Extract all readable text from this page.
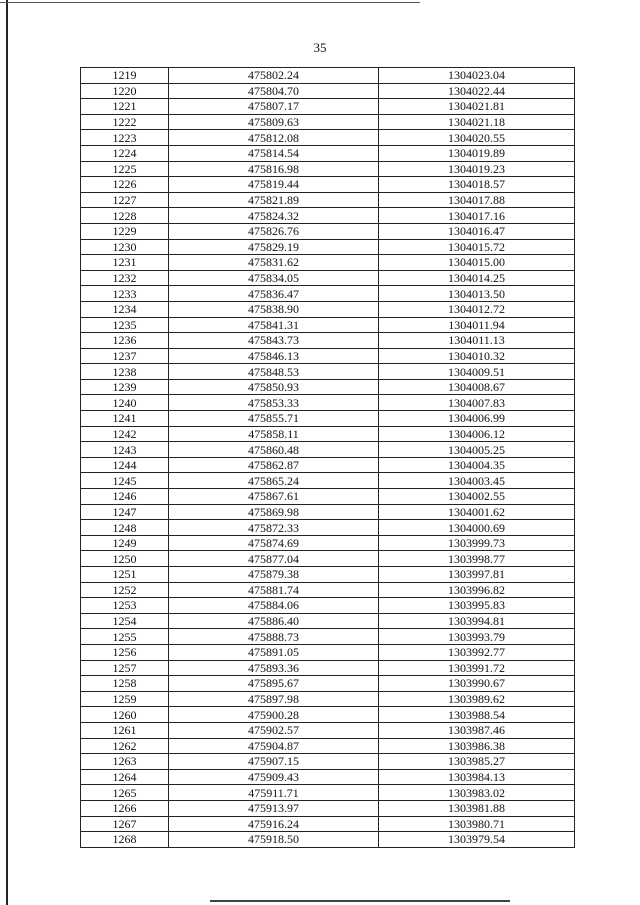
35
1219	475802.24	1304023.04
1220	475804.70	1304022.44
1221	475807.17	1304021.81
1222	475809.63	1304021.18
1223	475812.08	1304020.55
1224	475814.54	1304019.89
1225	475816.98	1304019.23
1226	475819.44	1304018.57
1227	475821.89	1304017.88
1228	475824.32	1304017.16
1229	475826.76	1304016.47
1230	475829.19	1304015.72
1231	475831.62	1304015.00
1232	475834.05	1304014.25
1233	475836.47	1304013.50
1234	475838.90	1304012.72
1235	475841.31	1304011.94
1236	475843.73	1304011.13
1237	475846.13	1304010.32
1238	475848.53	1304009.51
1239	475850.93	1304008.67
1240	475853.33	1304007.83
1241	475855.71	1304006.99
1242	475858.11	1304006.12
1243	475860.48	1304005.25
1244	475862.87	1304004.35
1245	475865.24	1304003.45
1246	475867.61	1304002.55
1247	475869.98	1304001.62
1248	475872.33	1304000.69
1249	475874.69	1303999.73
1250	475877.04	1303998.77
1251	475879.38	1303997.81
1252	475881.74	1303996.82
1253	475884.06	1303995.83
1254	475886.40	1303994.81
1255	475888.73	1303993.79
1256	475891.05	1303992.77
1257	475893.36	1303991.72
1258	475895.67	1303990.67
1259	475897.98	1303989.62
1260	475900.28	1303988.54
1261	475902.57	1303987.46
1262	475904.87	1303986.38
1263	475907.15	1303985.27
1264	475909.43	1303984.13
1265	475911.71	1303983.02
1266	475913.97	1303981.88
1267	475916.24	1303980.71
1268	475918.50	1303979.54
